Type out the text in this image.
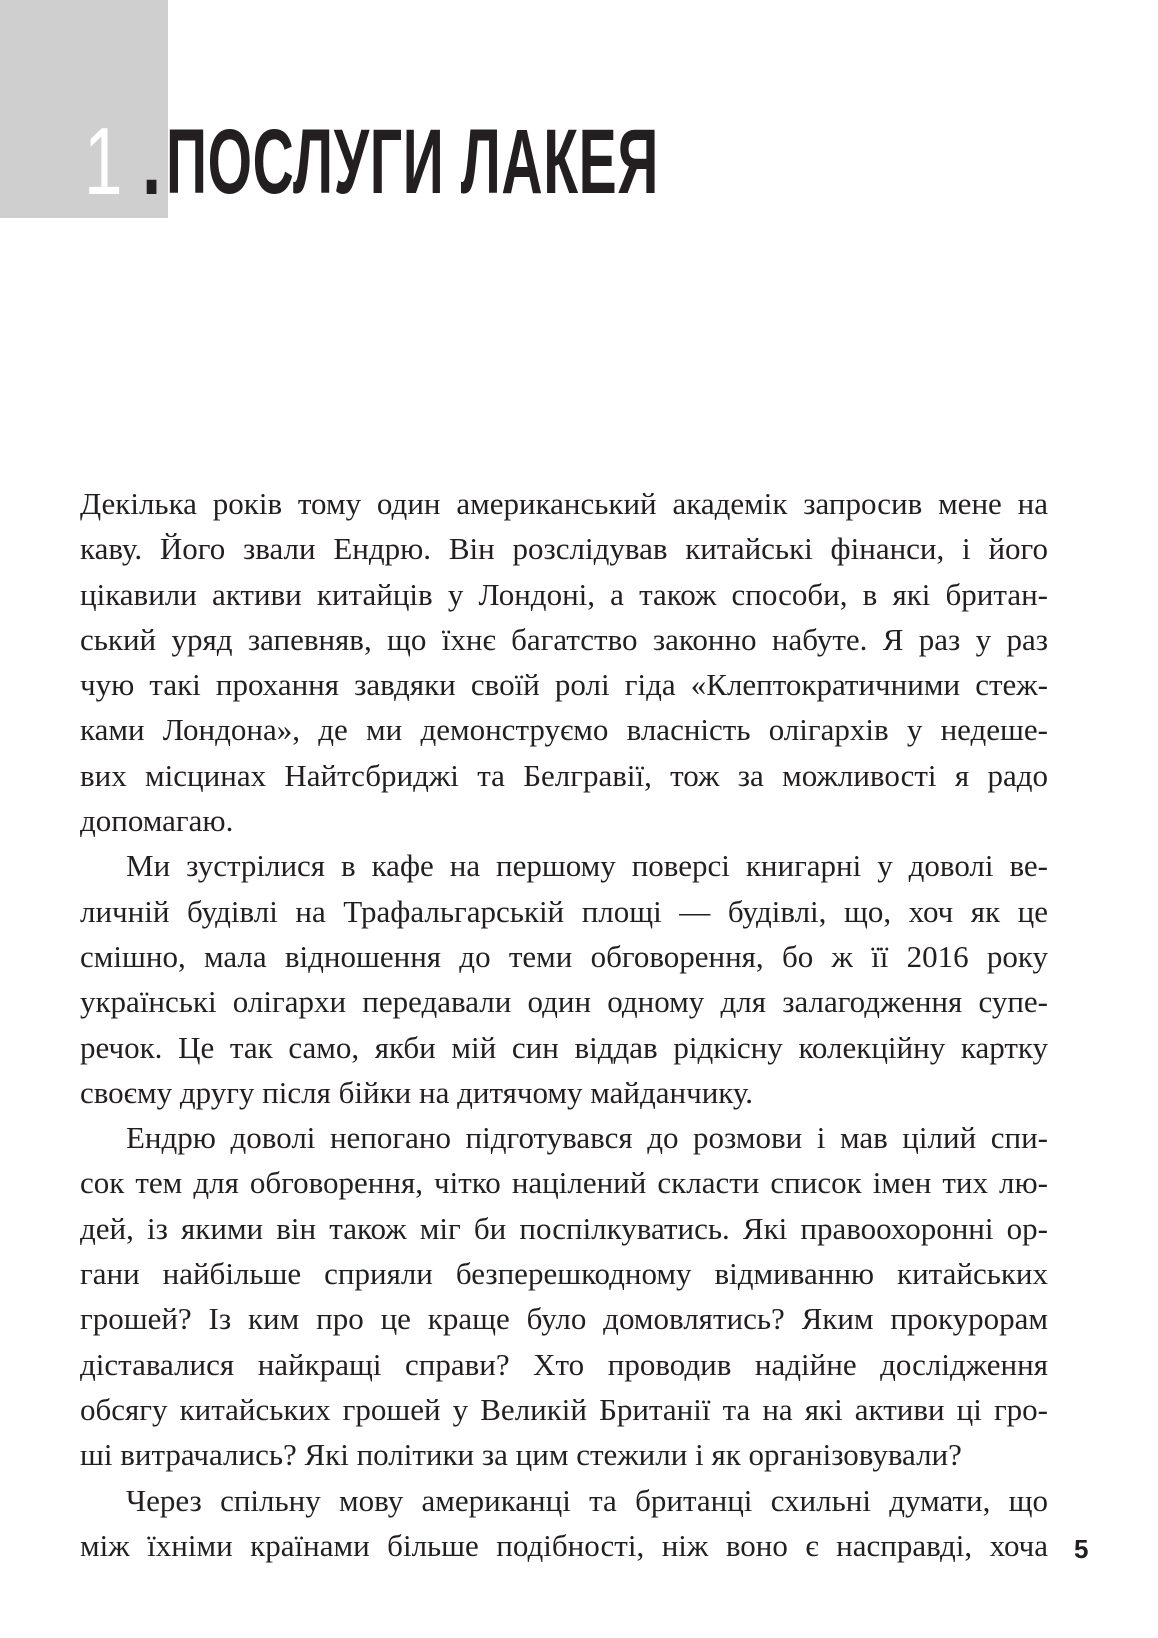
1 . ПОСЛУГИ ЛАКЕЯ

Декілька років тому один американський академік запросив мене на
каву. Його звали Ендрю. Він розслідував китайські фінанси, і його
цікавили активи китайців у Лондоні, а також способи, в які британ-
ський уряд запевняв, що їхнє багатство законно набуте. Я раз у раз
чую такі прохання завдяки своїй ролі гіда «Клептократичними стеж-
ками Лондона», де ми демонструємо власність олігархів у недеше-
вих місцинах Найтсбриджі та Белгравії, тож за можливості я радо
допомагаю.

Ми зустрілися в кафе на першому поверсі книгарні у доволі ве-
личній будівлі на Трафальгарській площі — будівлі, що, хоч як це
смішно, мала відношення до теми обговорення, бо ж її 2016 року
українські олігархи передавали один одному для залагодження супе-
речок. Це так само, якби мій син віддав рідкісну колекційну картку
своєму другу після бійки на дитячому майданчику.

Ендрю доволі непогано підготувався до розмови і мав цілий спи-
сок тем для обговорення, чітко націлений скласти список імен тих лю-
дей, із якими він також міг би поспілкуватись. Які правоохоронні ор-
гани найбільше сприяли безперешкодному відмиванню китайських
грошей? Із ким про це краще було домовлятись? Яким прокурорам
діставалися найкращі справи? Хто проводив надійне дослідження
обсягу китайських грошей у Великій Британії та на які активи ці гро-
ші витрачались? Які політики за цим стежили і як організовували?

Через спільну мову американці та британці схильні думати, що
між їхніми країнами більше подібності, ніж воно є насправді, хоча 5
